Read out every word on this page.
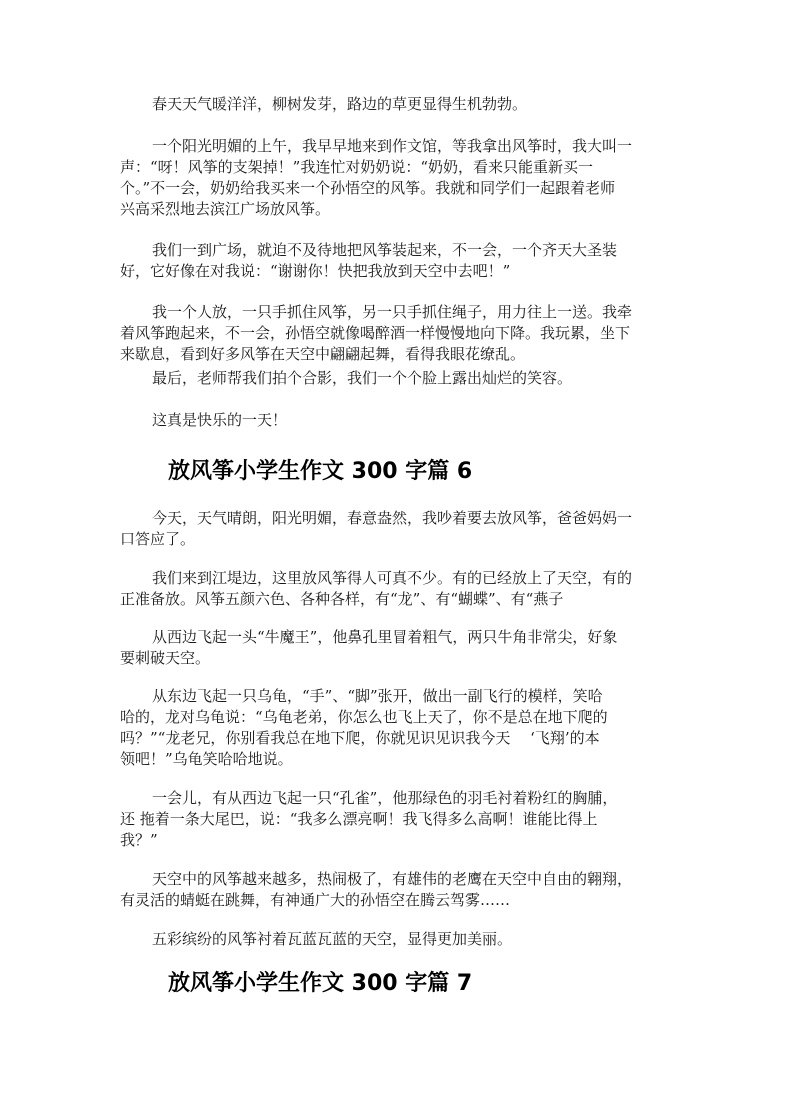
春天天气暖洋洋，柳树发芽，路边的草更显得生机勃勃。
一个阳光明媚的上午，我早早地来到作文馆，等我拿出风筝时，我大叫一
声：“呀！风筝的支架掉！”我连忙对奶奶说：“奶奶，看来只能重新买一
个。”不一会，奶奶给我买来一个孙悟空的风筝。我就和同学们一起跟着老师
兴高采烈地去滨江广场放风筝。
我们一到广场，就迫不及待地把风筝装起来，不一会，一个齐天大圣装
好，它好像在对我说：“谢谢你！快把我放到天空中去吧！”
我一个人放，一只手抓住风筝，另一只手抓住绳子，用力往上一送。我牵
着风筝跑起来，不一会，孙悟空就像喝醉酒一样慢慢地向下降。我玩累，坐下
来歇息，看到好多风筝在天空中翩翩起舞，看得我眼花缭乱。
最后，老师帮我们拍个合影，我们一个个脸上露出灿烂的笑容。
这真是快乐的一天！
放风筝小学生作文 300 字篇 6
今天，天气晴朗，阳光明媚，春意盎然，我吵着要去放风筝，爸爸妈妈一
口答应了。
我们来到江堤边，这里放风筝得人可真不少。有的已经放上了天空，有的
正准备放。风筝五颜六色、各种各样，有“龙”、有“蝴蝶”、有“燕子
从西边飞起一头“牛魔王”，他鼻孔里冒着粗气，两只牛角非常尖，好象
要刺破天空。
从东边飞起一只乌龟，“手”、“脚”张开，做出一副飞行的模样，笑哈
哈的，龙对乌龟说：“乌龟老弟，你怎么也飞上天了，你不是总在地下爬的
吗？”“龙老兄，你别看我总在地下爬，你就见识见识我今天　 ‘飞翔’的本
领吧！”乌龟笑哈哈地说。
一会儿，有从西边飞起一只“孔雀”，他那绿色的羽毛衬着粉红的胸脯，
还 拖着一条大尾巴，说：“我多么漂亮啊！我飞得多么高啊！谁能比得上
我？”
天空中的风筝越来越多，热闹极了，有雄伟的老鹰在天空中自由的翱翔，
有灵活的蜻蜓在跳舞，有神通广大的孙悟空在腾云驾雾……
五彩缤纷的风筝衬着瓦蓝瓦蓝的天空，显得更加美丽。
放风筝小学生作文 300 字篇 7
